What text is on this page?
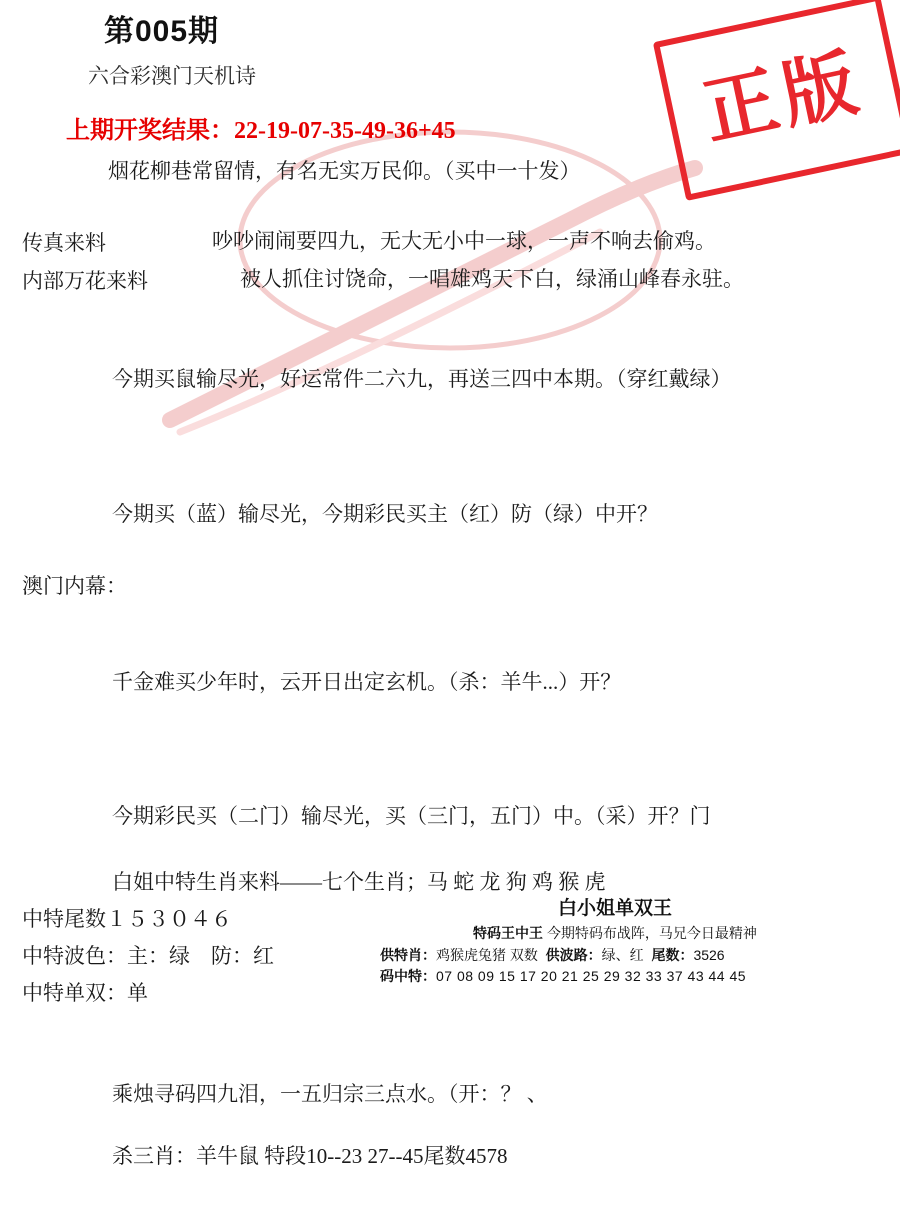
第005期
六合彩澳门天机诗
上期开奖结果：22-19-07-35-49-36+45	正版
烟花柳巷常留情，有名无实万民仰。（买中一十发）
传真来料	吵吵闹闹要四九，无大无小中一球，一声不响去偷鸡。
内部万花来料	被人抓住讨饶命，一唱雄鸡天下白，绿涌山峰春永驻。
今期买鼠输尽光，好运常件二六九，再送三四中本期。（穿红戴绿）
今期买（蓝）输尽光，今期彩民买主（红）防（绿）中开？
澳门内幕：
千金难买少年时，云开日出定玄机。（杀：羊牛...）开？
今期彩民买（二门）输尽光，买（三门，五门）中。（采）开？门
白姐中特生肖来料——七个生肖；马 蛇 龙 狗 鸡 猴 虎
中特尾数１５３０４６
中特波色：主：绿　防：红
中特单双：单
白小姐单双王
特码王中王 今期特码布战阵，马兄今日最精神
供特肖：鸡猴虎兔猪 双数 供波路：绿、红 尾数：3526
码中特：07 08 09 15 17 20 21 25 29 32 33 37 43 44 45
乘烛寻码四九泪，一五归宗三点水。（开：？ 、
杀三肖：羊牛鼠 特段10--23 27--45尾数4578
